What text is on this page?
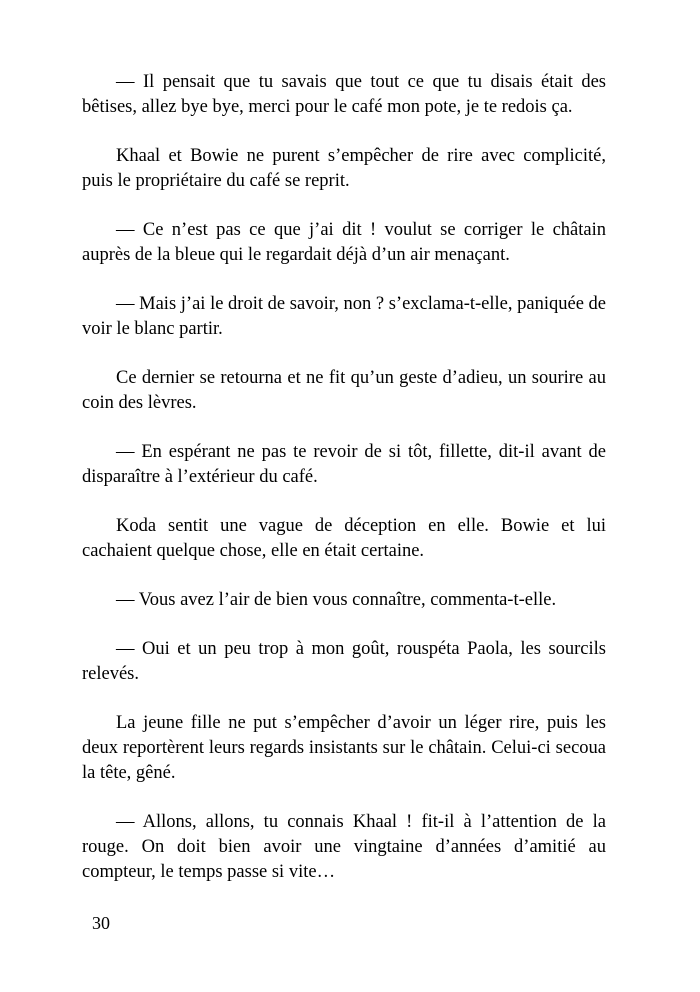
— Il pensait que tu savais que tout ce que tu disais était des bêtises, allez bye bye, merci pour le café mon pote, je te redois ça.

Khaal et Bowie ne purent s’empêcher de rire avec complicité, puis le propriétaire du café se reprit.

— Ce n’est pas ce que j’ai dit ! voulut se corriger le châtain auprès de la bleue qui le regardait déjà d’un air menaçant.

— Mais j’ai le droit de savoir, non ? s’exclama-t-elle, paniquée de voir le blanc partir.

Ce dernier se retourna et ne fit qu’un geste d’adieu, un sourire au coin des lèvres.

— En espérant ne pas te revoir de si tôt, fillette, dit-il avant de disparaître à l’extérieur du café.

Koda sentit une vague de déception en elle. Bowie et lui cachaient quelque chose, elle en était certaine.

— Vous avez l’air de bien vous connaître, commenta-t-elle.

— Oui et un peu trop à mon goût, rouspéta Paola, les sourcils relevés.

La jeune fille ne put s’empêcher d’avoir un léger rire, puis les deux reportèrent leurs regards insistants sur le châtain. Celui-ci secoua la tête, gêné.

— Allons, allons, tu connais Khaal ! fit-il à l’attention de la rouge. On doit bien avoir une vingtaine d’années d’amitié au compteur, le temps passe si vite…

30
